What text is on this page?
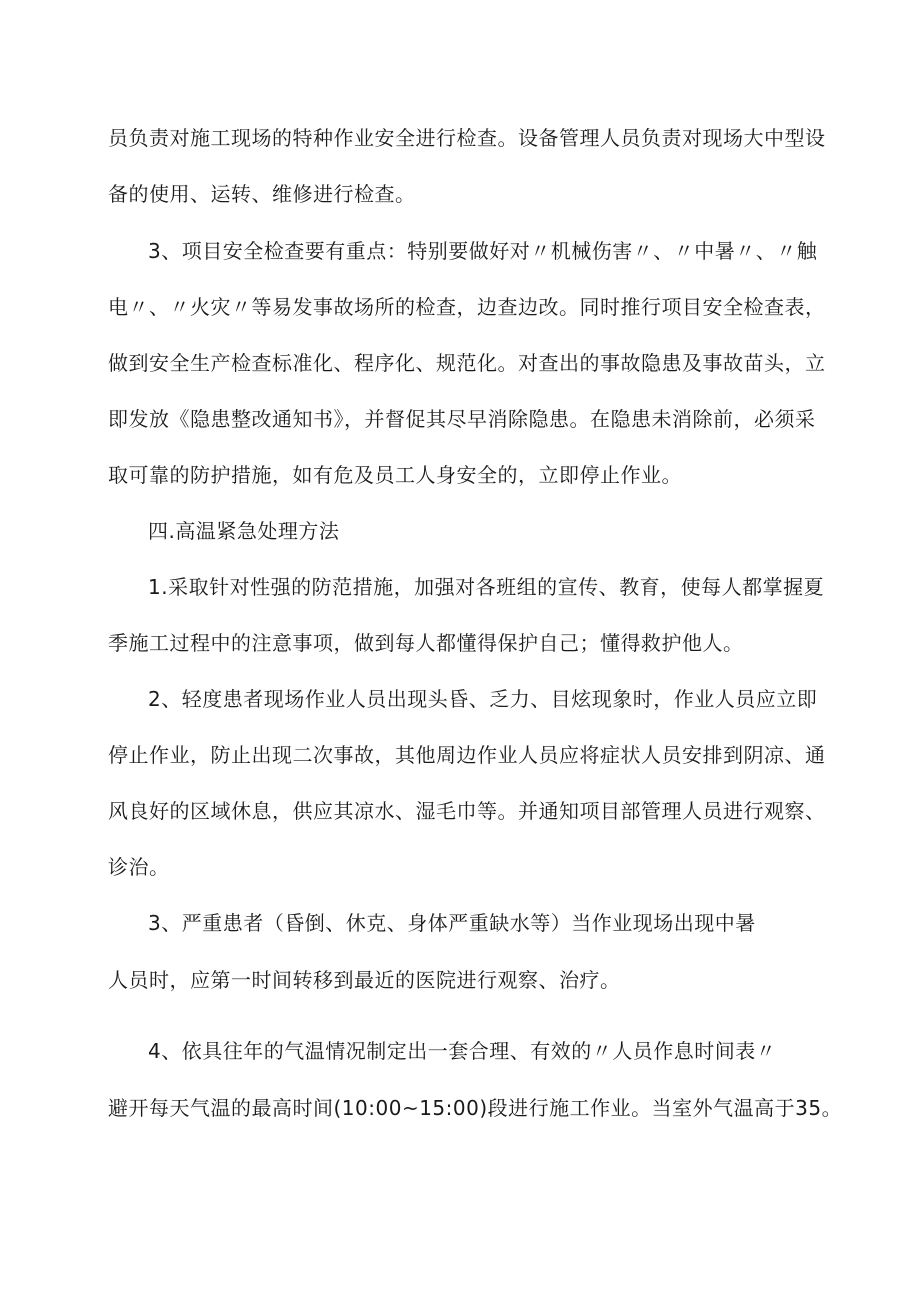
员负责对施工现场的特种作业安全进行检查。设备管理人员负责对现场大中型设
备的使用、运转、维修进行检查。
3、项目安全检查要有重点：特别要做好对〃机械伤害〃、〃中暑〃、〃触
电〃、〃火灾〃等易发事故场所的检查，边查边改。同时推行项目安全检查表，
做到安全生产检查标准化、程序化、规范化。对查出的事故隐患及事故苗头，立
即发放《隐患整改通知书》，并督促其尽早消除隐患。在隐患未消除前，必须采
取可靠的防护措施，如有危及员工人身安全的，立即停止作业。
四.高温紧急处理方法
1.采取针对性强的防范措施，加强对各班组的宣传、教育，使每人都掌握夏
季施工过程中的注意事项，做到每人都懂得保护自己；懂得救护他人。
2、轻度患者现场作业人员出现头昏、乏力、目炫现象时，作业人员应立即
停止作业，防止出现二次事故，其他周边作业人员应将症状人员安排到阴凉、通
风良好的区域休息，供应其凉水、湿毛巾等。并通知项目部管理人员进行观察、
诊治。
3、严重患者（昏倒、休克、身体严重缺水等）当作业现场出现中暑
人员时，应第一时间转移到最近的医院进行观察、治疗。
4、依具往年的气温情况制定出一套合理、有效的〃人员作息时间表〃
避开每天气温的最高时间(10:00~15:00)段进行施工作业。当室外气温高于35。
